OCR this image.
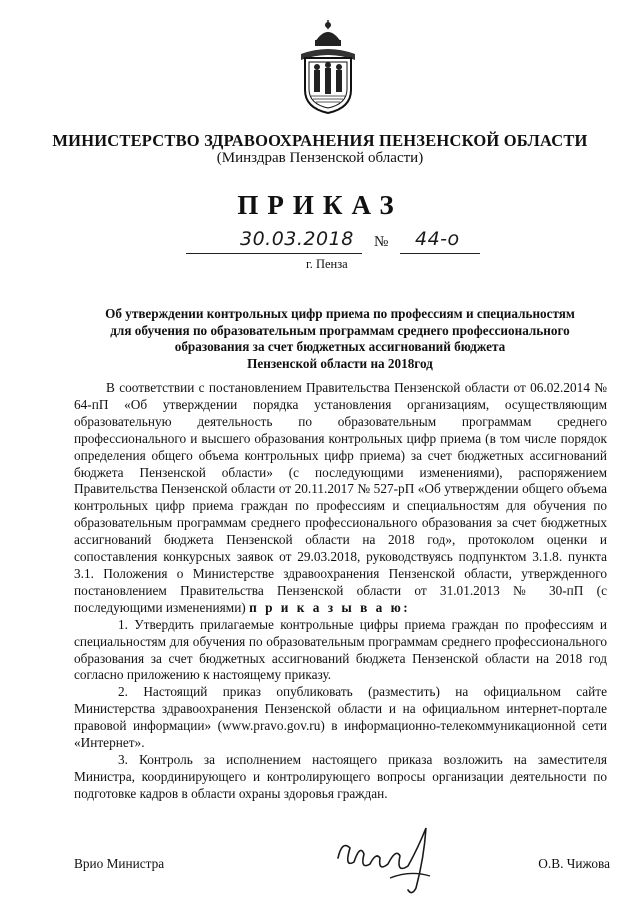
МИНИСТЕРСТВО ЗДРАВООХРАНЕНИЯ ПЕНЗЕНСКОЙ ОБЛАСТИ

(Минздрав Пензенской области)

ПРИКАЗ

30.03.2018 № 44-о
г. Пенза
Об утверждении контрольных цифр приема по профессиям и специальностям
для обучения по образовательным программам среднего профессионального
образования за счет бюджетных ассигнований бюджета
Пензенской области на 2018год

В соответствии с постановлением Правительства Пензенской области от 06.02.2014 № 64-пП «Об утверждении порядка установления организациям, осуществляющим образовательную деятельность по образовательным программам среднего профессионального и высшего образования контрольных цифр приема (в том числе порядок определения общего объема контрольных цифр приема) за счет бюджетных ассигнований бюджета Пензенской области» (с последующими изменениями), распоряжением Правительства Пензенской области от 20.11.2017 № 527-рП «Об утверждении общего объема контрольных цифр приема граждан по профессиям и специальностям для обучения по образовательным программам среднего профессионального образования за счет бюджетных ассигнований бюджета Пензенской области на 2018 год», протоколом оценки и сопоставления конкурсных заявок от 29.03.2018, руководствуясь подпунктом 3.1.8. пункта 3.1. Положения о Министерстве здравоохранения Пензенской области, утвержденного постановлением Правительства Пензенской области от 31.01.2013 № 30-пП (с последующими изменениями) п р и к а з ы в а ю:

1. Утвердить прилагаемые контрольные цифры приема граждан по профессиям и специальностям для обучения по образовательным программам среднего профессионального образования за счет бюджетных ассигнований бюджета Пензенской области на 2018 год согласно приложению к настоящему приказу.

2. Настоящий приказ опубликовать (разместить) на официальном сайте Министерства здравоохранения Пензенской области и на официальном интернет-портале правовой информации» (www.pravo.gov.ru) в информационно-телекоммуникационной сети «Интернет».

3. Контроль за исполнением настоящего приказа возложить на заместителя Министра, координирующего и контролирующего вопросы организации деятельности по подготовке кадров в области охраны здоровья граждан.

Врио Министра	О.В. Чижова
